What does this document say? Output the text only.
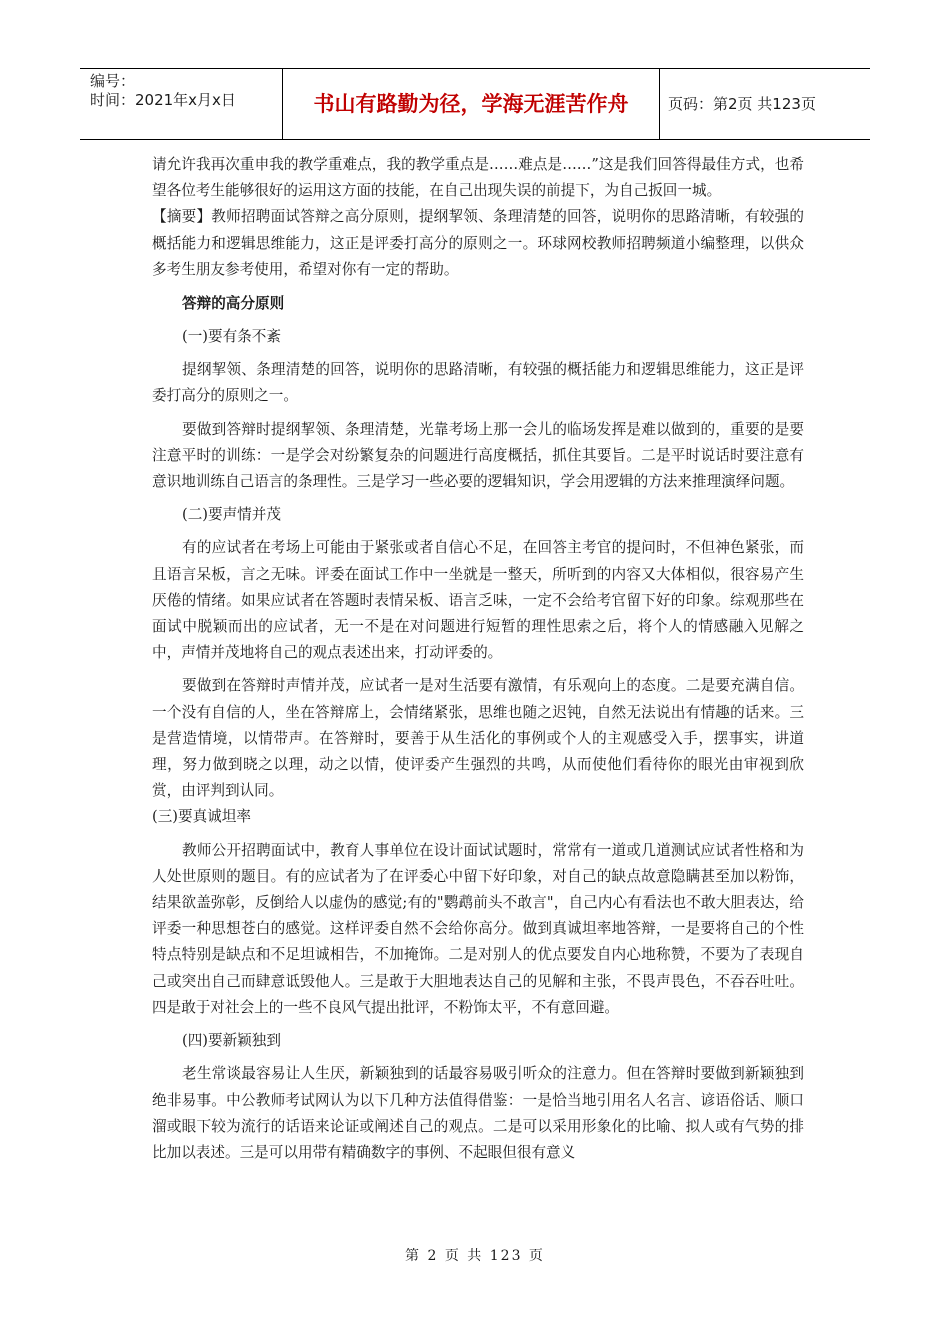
编号：
时间：2021年x月x日	书山有路勤为径，学海无涯苦作舟	页码：第2页 共123页

请允许我再次重申我的教学重难点，我的教学重点是……难点是……”这是我们回答得最佳方式，也希望各位考生能够很好的运用这方面的技能，在自己出现失误的前提下，为自己扳回一城。

【摘要】教师招聘面试答辩之高分原则，提纲挈领、条理清楚的回答，说明你的思路清晰，有较强的概括能力和逻辑思维能力，这正是评委打高分的原则之一。环球网校教师招聘频道小编整理，以供众多考生朋友参考使用，希望对你有一定的帮助。

答辩的高分原则

(一)要有条不紊

提纲挈领、条理清楚的回答，说明你的思路清晰，有较强的概括能力和逻辑思维能力，这正是评委打高分的原则之一。

要做到答辩时提纲挈领、条理清楚，光靠考场上那一会儿的临场发挥是难以做到的，重要的是要注意平时的训练：一是学会对纷繁复杂的问题进行高度概括，抓住其要旨。二是平时说话时要注意有意识地训练自己语言的条理性。三是学习一些必要的逻辑知识，学会用逻辑的方法来推理演绎问题。

(二)要声情并茂

有的应试者在考场上可能由于紧张或者自信心不足，在回答主考官的提问时，不但神色紧张，而且语言呆板，言之无味。评委在面试工作中一坐就是一整天，所听到的内容又大体相似，很容易产生厌倦的情绪。如果应试者在答题时表情呆板、语言乏味，一定不会给考官留下好的印象。综观那些在面试中脱颖而出的应试者，无一不是在对问题进行短暂的理性思索之后，将个人的情感融入见解之中，声情并茂地将自己的观点表述出来，打动评委的。

要做到在答辩时声情并茂，应试者一是对生活要有激情，有乐观向上的态度。二是要充满自信。一个没有自信的人，坐在答辩席上，会情绪紧张，思维也随之迟钝，自然无法说出有情趣的话来。三是营造情境，以情带声。在答辩时，要善于从生活化的事例或个人的主观感受入手，摆事实，讲道理，努力做到晓之以理，动之以情，使评委产生强烈的共鸣，从而使他们看待你的眼光由审视到欣赏，由评判到认同。

(三)要真诚坦率

教师公开招聘面试中，教育人事单位在设计面试试题时，常常有一道或几道测试应试者性格和为人处世原则的题目。有的应试者为了在评委心中留下好印象，对自己的缺点故意隐瞒甚至加以粉饰，结果欲盖弥彰，反倒给人以虚伪的感觉;有的"鹦鹉前头不敢言"，自己内心有看法也不敢大胆表达，给评委一种思想苍白的感觉。这样评委自然不会给你高分。做到真诚坦率地答辩，一是要将自己的个性特点特别是缺点和不足坦诚相告，不加掩饰。二是对别人的优点要发自内心地称赞，不要为了表现自己或突出自己而肆意诋毁他人。三是敢于大胆地表达自己的见解和主张，不畏声畏色，不吞吞吐吐。四是敢于对社会上的一些不良风气提出批评，不粉饰太平，不有意回避。

(四)要新颖独到

老生常谈最容易让人生厌，新颖独到的话最容易吸引听众的注意力。但在答辩时要做到新颖独到绝非易事。中公教师考试网认为以下几种方法值得借鉴：一是恰当地引用名人名言、谚语俗话、顺口溜或眼下较为流行的话语来论证或阐述自己的观点。二是可以采用形象化的比喻、拟人或有气势的排比加以表述。三是可以用带有精确数字的事例、不起眼但很有意义

第 2 页 共 123 页
